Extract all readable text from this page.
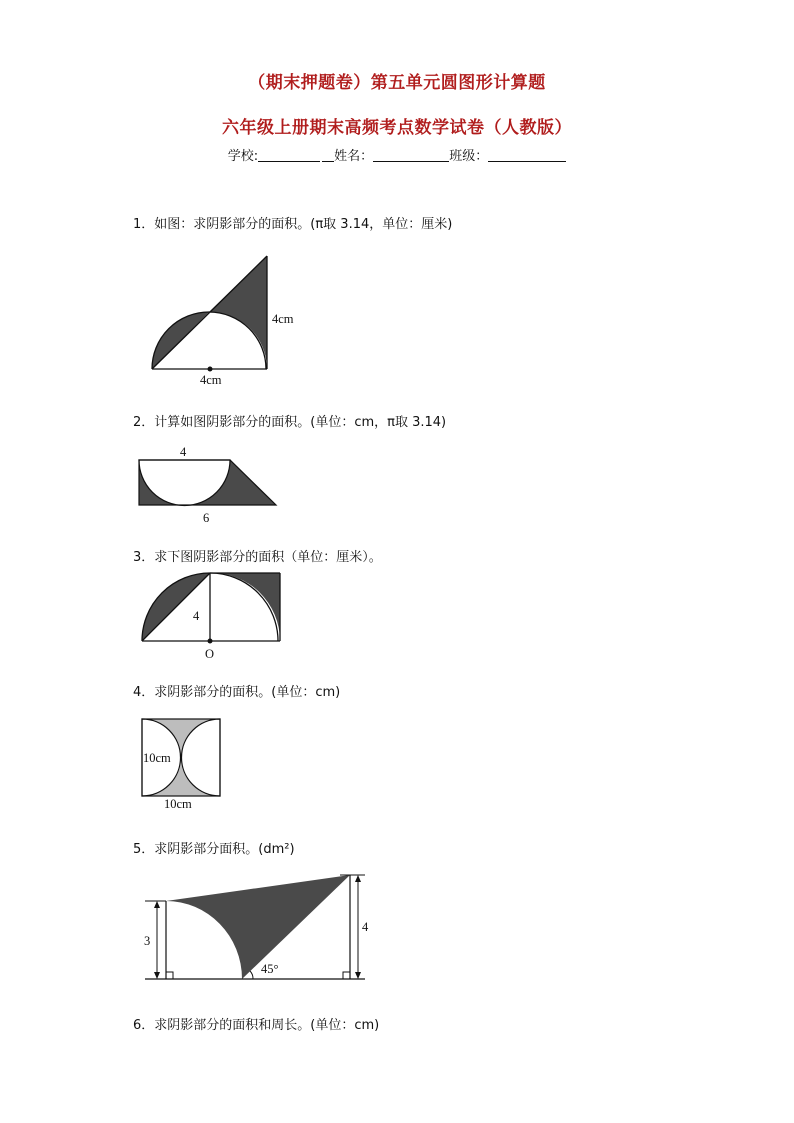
（期末押题卷）第五单元圆图形计算题
六年级上册期末高频考点数学试卷（人教版）
学校:	姓名：	班级：
1．如图：求阴影部分的面积。(π取 3.14，单位：厘米)
4cm
4cm
2．计算如图阴影部分的面积。(单位：cm，π取 3.14)
4
6
3．求下图阴影部分的面积（单位：厘米）。
4
O
4．求阴影部分的面积。(单位：cm)
10cm
10cm
5．求阴影部分面积。(dm²)
3
4
45°
6．求阴影部分的面积和周长。(单位：cm)
